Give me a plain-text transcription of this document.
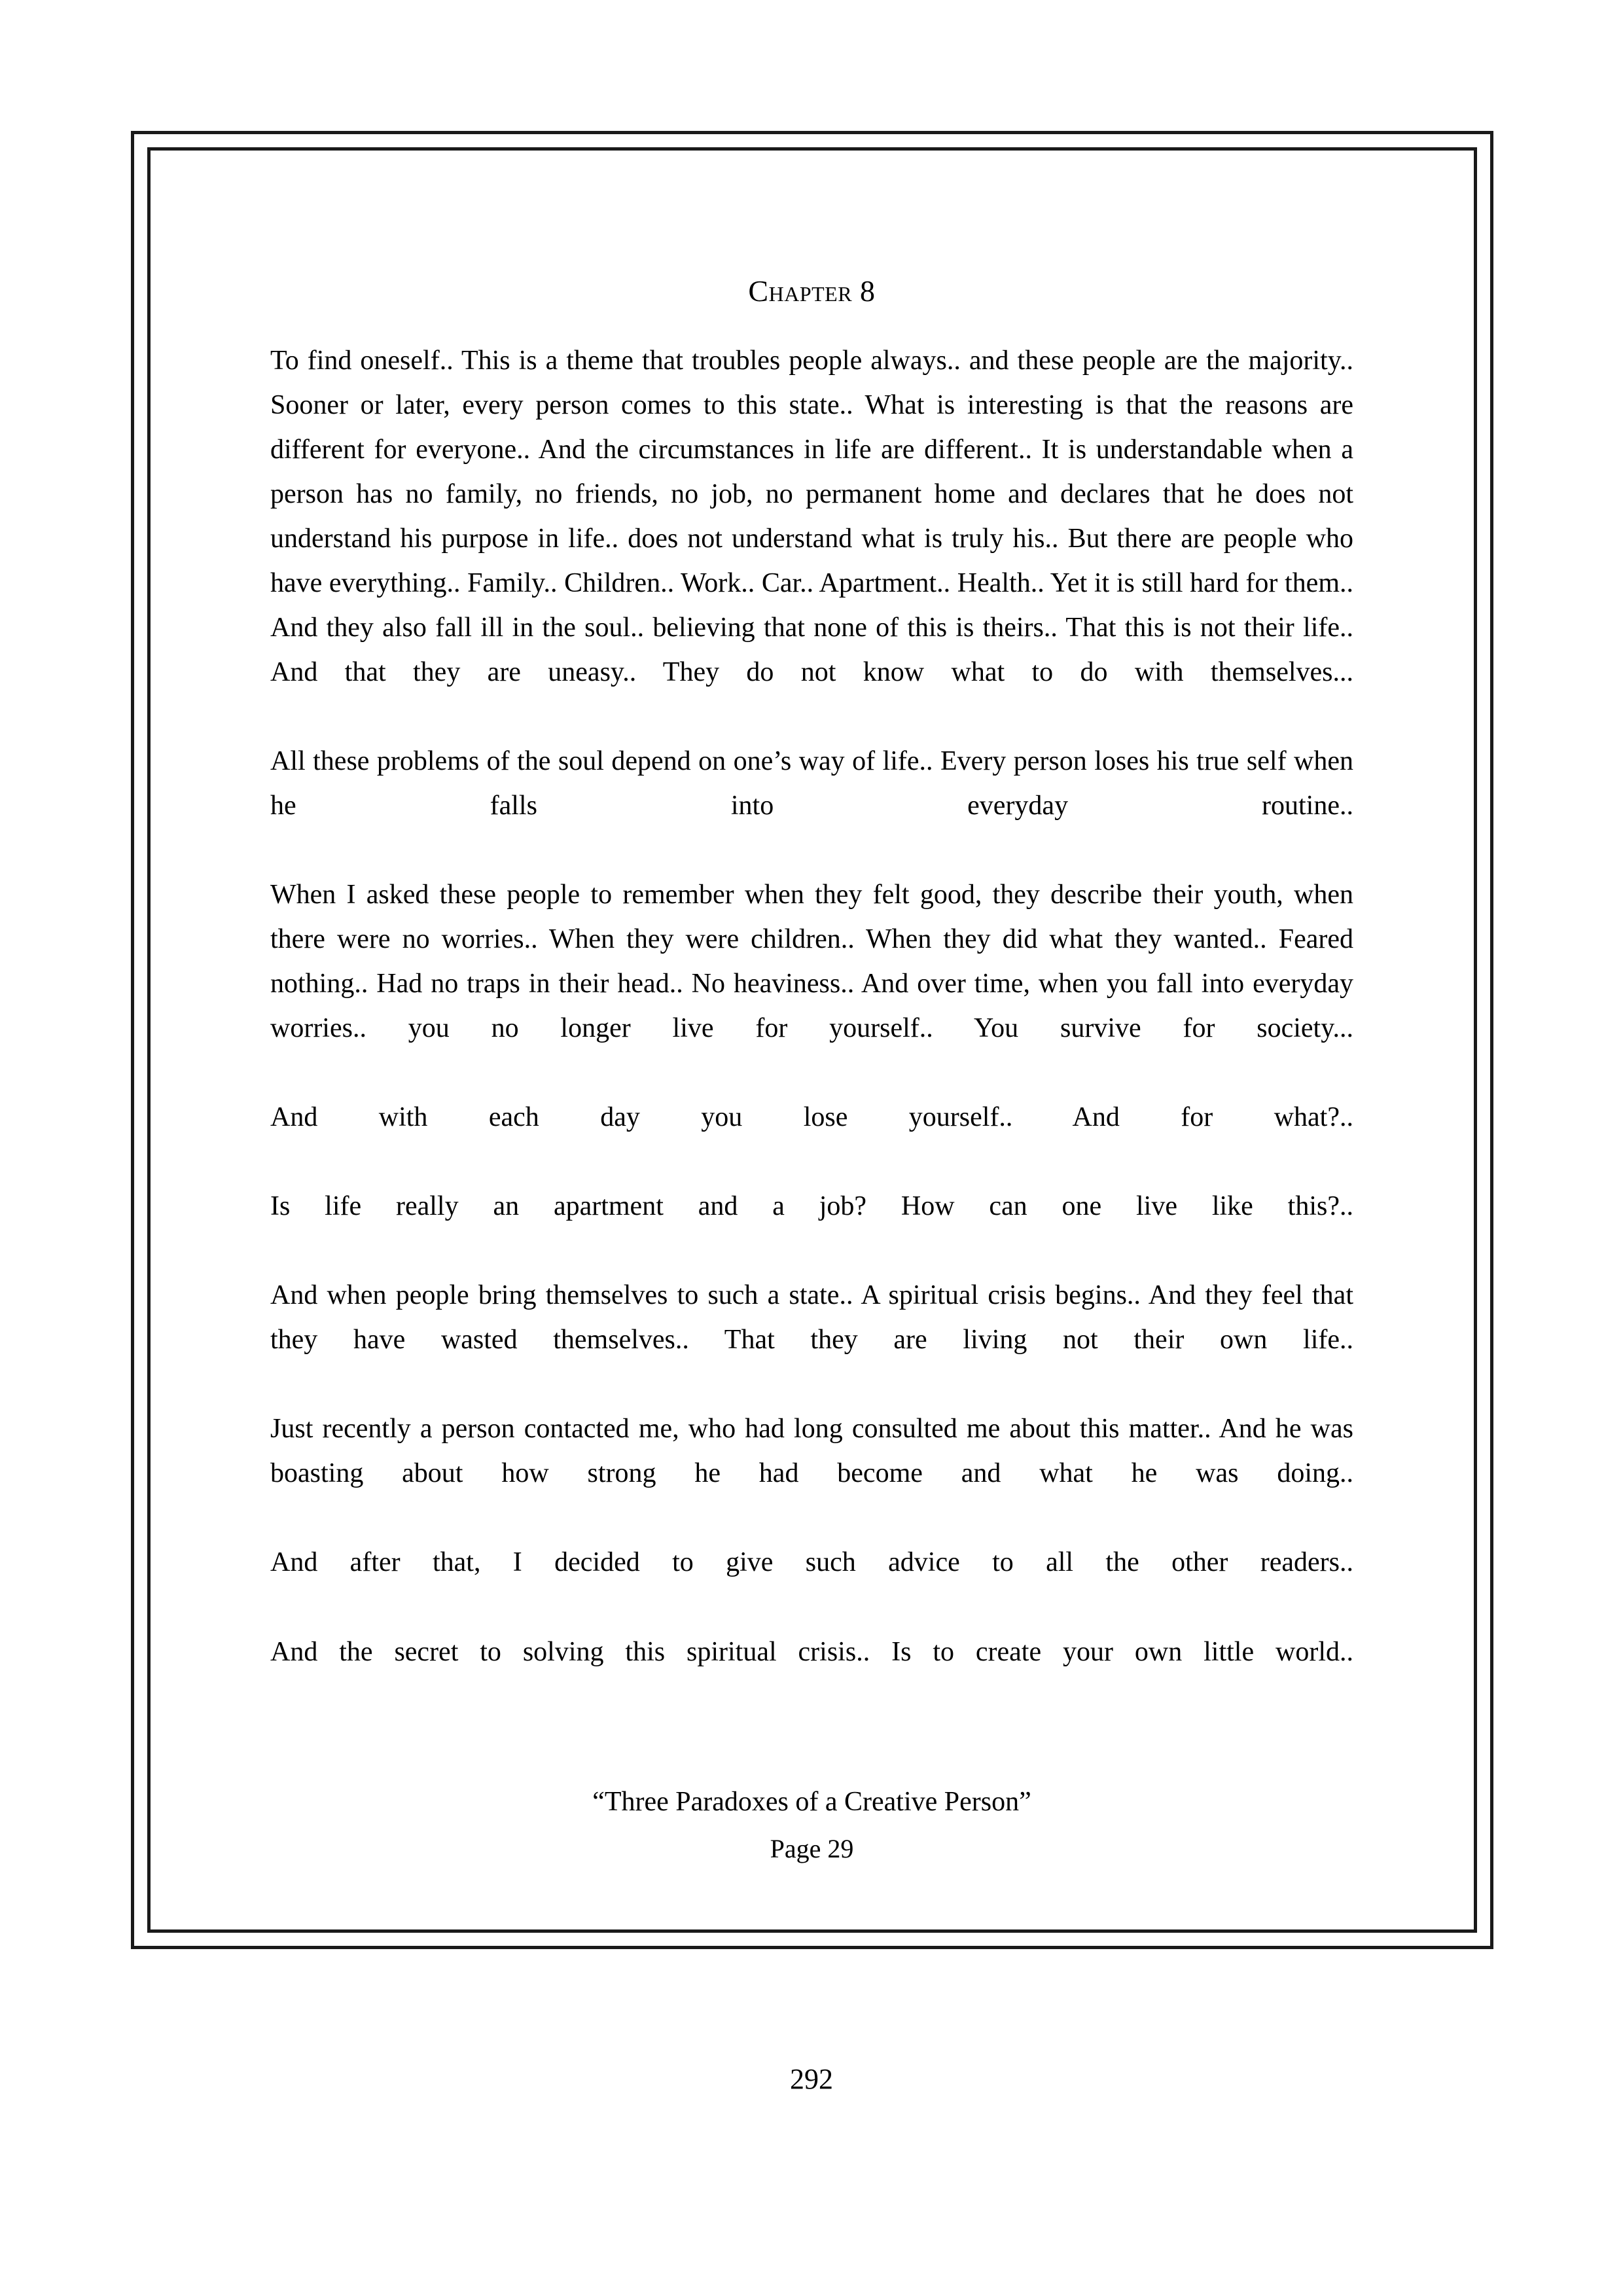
Chapter 8

To find oneself.. This is a theme that troubles people always.. and these people are the majority.. Sooner or later, every person comes to this state.. What is interesting is that the reasons are different for everyone.. And the circumstances in life are different.. It is understandable when a person has no family, no friends, no job, no permanent home and declares that he does not understand his purpose in life.. does not understand what is truly his.. But there are people who have everything.. Family.. Children.. Work.. Car.. Apartment.. Health.. Yet it is still hard for them.. And they also fall ill in the soul.. believing that none of this is theirs.. That this is not their life.. And that they are uneasy.. They do not know what to do with themselves...

All these problems of the soul depend on one’s way of life.. Every person loses his true self when he falls into everyday routine..

When I asked these people to remember when they felt good, they describe their youth, when there were no worries.. When they were children.. When they did what they wanted.. Feared nothing.. Had no traps in their head.. No heaviness.. And over time, when you fall into everyday worries.. you no longer live for yourself.. You survive for society...

And with each day you lose yourself.. And for what?..

Is life really an apartment and a job? How can one live like this?..

And when people bring themselves to such a state.. A spiritual crisis begins.. And they feel that they have wasted themselves.. That they are living not their own life..

Just recently a person contacted me, who had long consulted me about this matter.. And he was boasting about how strong he had become and what he was doing..

And after that, I decided to give such advice to all the other readers..

And the secret to solving this spiritual crisis.. Is to create your own little world..

“Three Paradoxes of a Creative Person”

Page 29

292
